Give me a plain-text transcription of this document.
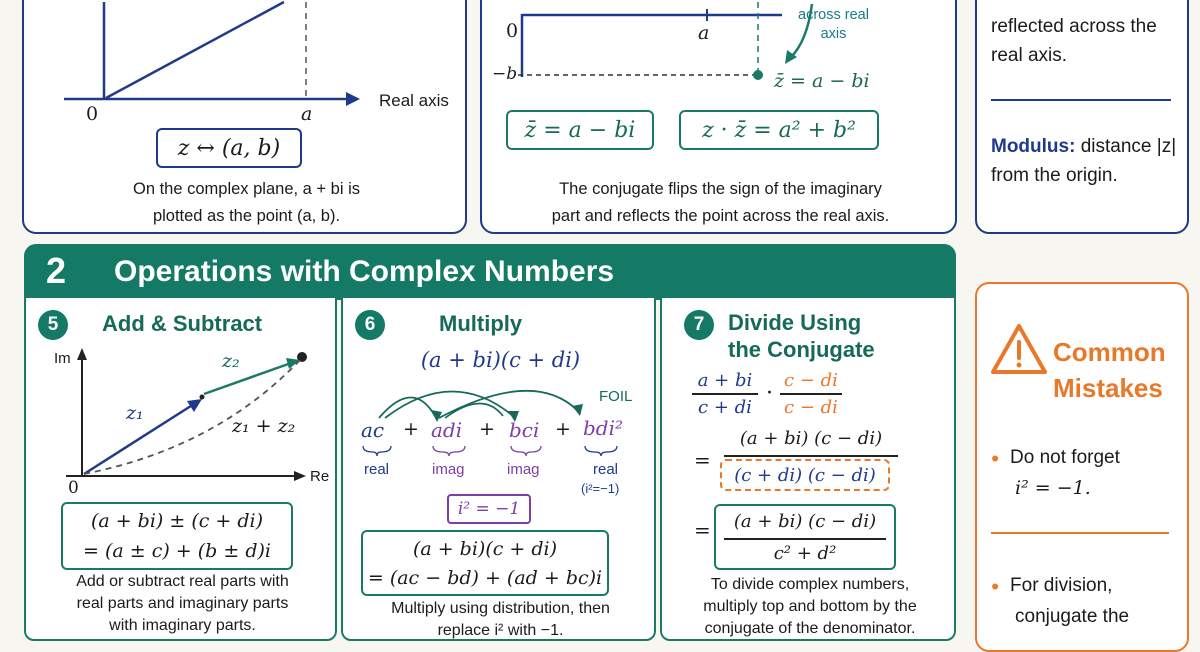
Real axis
0	a
z ↔ (a, b)
On the complex plane, a + bi is
plotted as the point (a, b).
0	a
−b
across real
axis
z̄ = a − bi
z̄ = a − bi	z · z̄ = a² + b²
The conjugate flips the sign of the imaginary
part and reflects the point across the real axis.
reflected across the
real axis.
Modulus: distance |z|
from the origin.
2 Operations with Complex Numbers
5	Add & Subtract
Im
Re
0
z₁
z₂
z₁ + z₂
(a + bi) ± (c + di)
= (a ± c) + (b ± d)i
Add or subtract real parts with
real parts and imaginary parts
with imaginary parts.
6	Multiply
(a + bi)(c + di)
FOIL
ac + adi + bci + bdi²
real	imag	imag	real
(i²=−1)
i² = −1
(a + bi)(c + di)
= (ac − bd) + (ad + bc)i
Multiply using distribution, then
replace i² with −1.
7	Divide Using
the Conjugate
a + bi
c + di
·
c − di
c − di
=
(a + bi) (c − di)
(c + di) (c − di)
=	(a + bi) (c − di)
c² + d²
To divide complex numbers,
multiply top and bottom by the
conjugate of the denominator.
Common
Mistakes
● Do not forget
i² = −1.
● For division,
conjugate the
